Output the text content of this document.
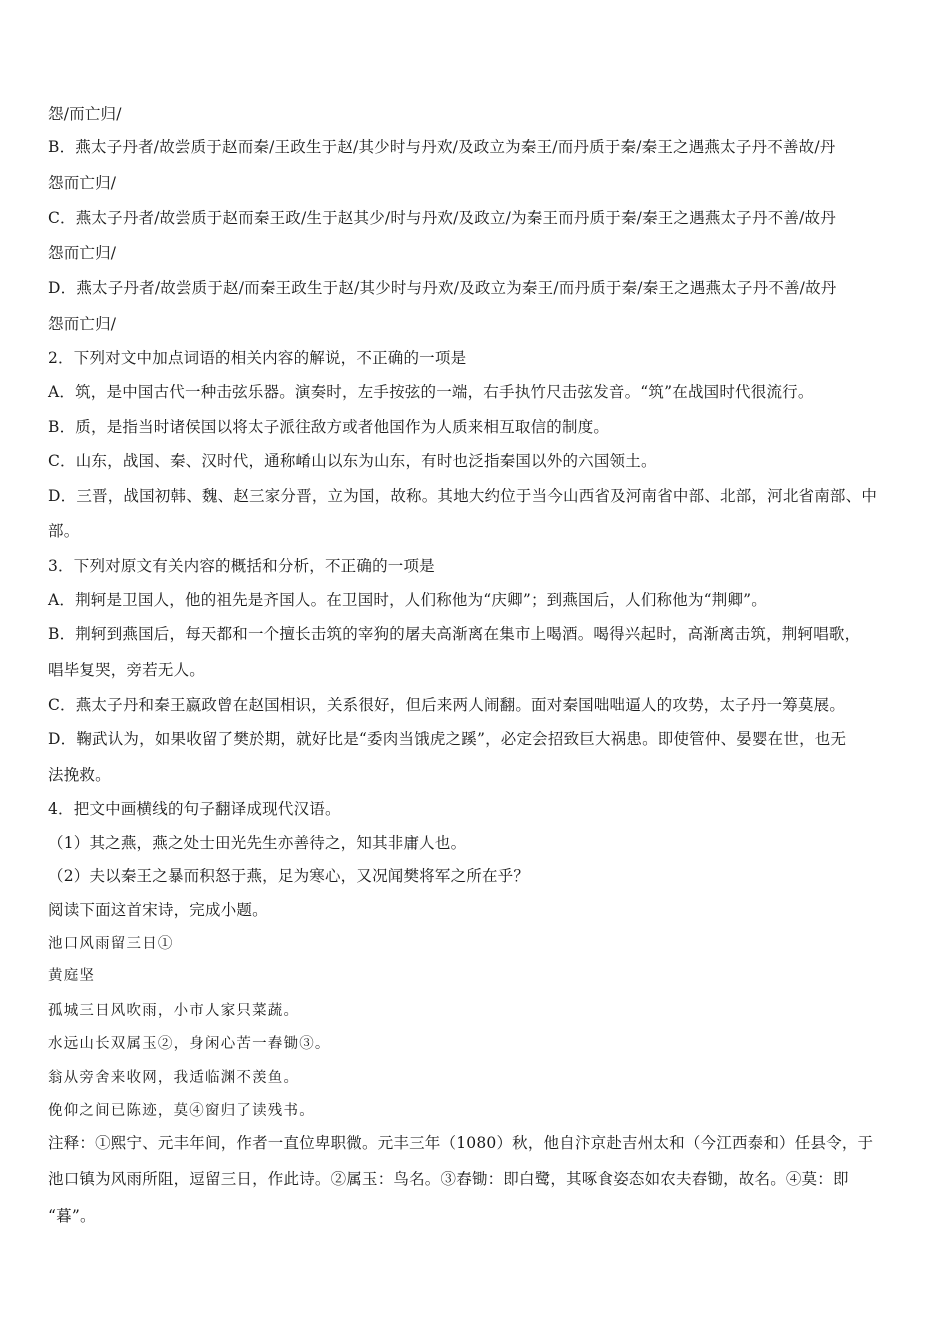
怨/而亡归/
B．燕太子丹者/故尝质于赵而秦/王政生于赵/其少时与丹欢/及政立为秦王/而丹质于秦/秦王之遇燕太子丹不善故/丹
怨而亡归/
C．燕太子丹者/故尝质于赵而秦王政/生于赵其少/时与丹欢/及政立/为秦王而丹质于秦/秦王之遇燕太子丹不善/故丹
怨而亡归/
D．燕太子丹者/故尝质于赵/而秦王政生于赵/其少时与丹欢/及政立为秦王/而丹质于秦/秦王之遇燕太子丹不善/故丹
怨而亡归/
2．下列对文中加点词语的相关内容的解说，不正确的一项是
A．筑，是中国古代一种击弦乐器。演奏时，左手按弦的一端，右手执竹尺击弦发音。“筑”在战国时代很流行。
B．质，是指当时诸侯国以将太子派往敌方或者他国作为人质来相互取信的制度。
C．山东，战国、秦、汉时代，通称崤山以东为山东，有时也泛指秦国以外的六国领土。
D．三晋，战国初韩、魏、赵三家分晋，立为国，故称。其地大约位于当今山西省及河南省中部、北部，河北省南部、中
部。
3．下列对原文有关内容的概括和分析，不正确的一项是
A．荆轲是卫国人，他的祖先是齐国人。在卫国时，人们称他为“庆卿”；到燕国后，人们称他为“荆卿”。
B．荆轲到燕国后，每天都和一个擅长击筑的宰狗的屠夫高渐离在集市上喝酒。喝得兴起时，高渐离击筑，荆轲唱歌，
唱毕复哭，旁若无人。
C．燕太子丹和秦王嬴政曾在赵国相识，关系很好，但后来两人闹翻。面对秦国咄咄逼人的攻势，太子丹一筹莫展。
D．鞠武认为，如果收留了樊於期，就好比是“委肉当饿虎之蹊”，必定会招致巨大祸患。即使管仲、晏婴在世，也无
法挽救。
4．把文中画横线的句子翻译成现代汉语。
（1）其之燕，燕之处士田光先生亦善待之，知其非庸人也。
（2）夫以秦王之暴而积怒于燕，足为寒心，又况闻樊将军之所在乎？
阅读下面这首宋诗，完成小题。
池口风雨留三日①
黄庭坚
孤城三日风吹雨，小市人家只菜蔬。
水远山长双属玉②，身闲心苦一舂锄③。
翁从旁舍来收网，我适临渊不羡鱼。
俛仰之间已陈迹，莫④窗归了读残书。
注释：①熙宁、元丰年间，作者一直位卑职微。元丰三年（1080）秋，他自汴京赴吉州太和（今江西泰和）任县令，于
池口镇为风雨所阻，逗留三日，作此诗。②属玉：鸟名。③舂锄：即白鹭，其啄食姿态如农夫舂锄，故名。④莫：即
“暮”。
